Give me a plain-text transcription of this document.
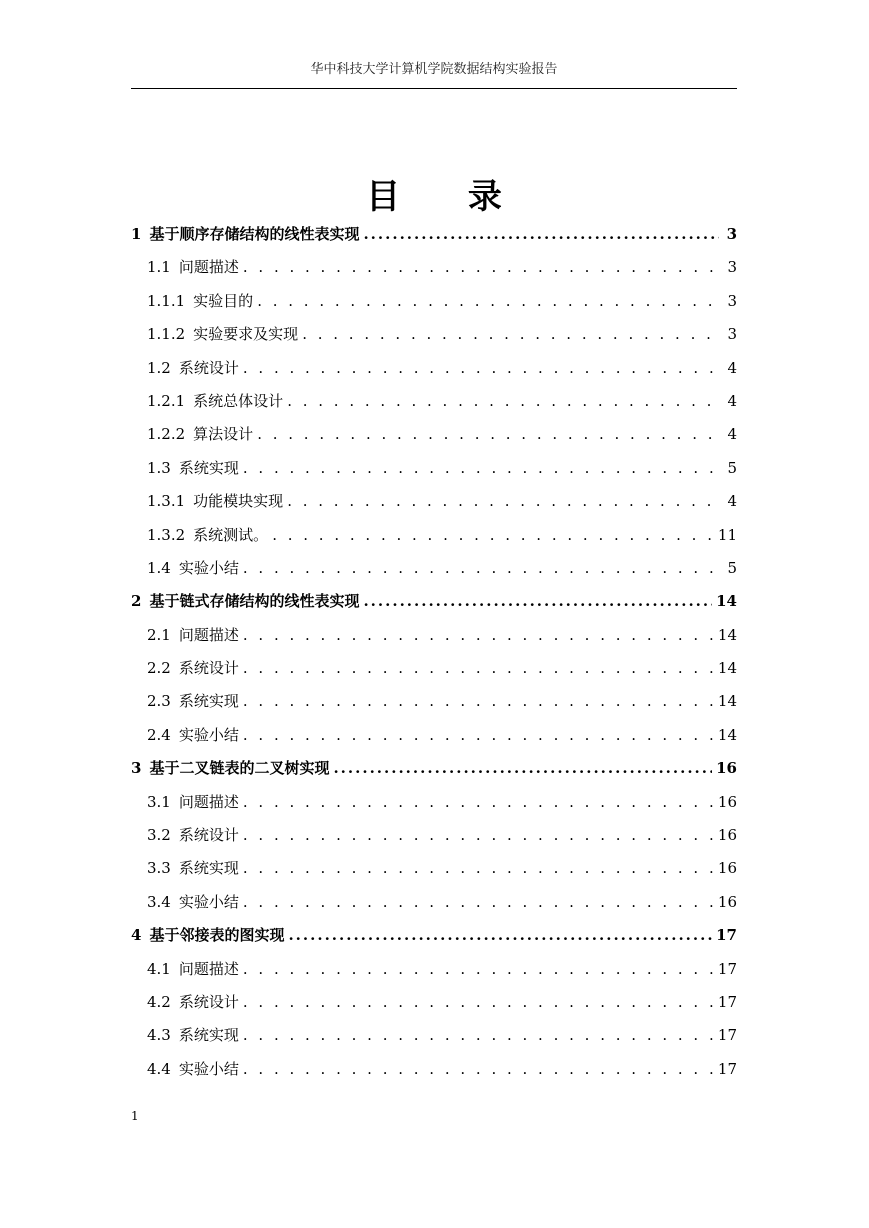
华中科技大学计算机学院数据结构实验报告
目 录
1 基于顺序存储结构的线性表实现 .....	3
1.1 问题描述 . . .	3
1.1.1 实验目的 . . .	3
1.1.2 实验要求及实现 . . .	3
1.2 系统设计 . . .	4
1.2.1 系统总体设计 . . .	4
1.2.2 算法设计 . . .	4
1.3 系统实现 . . .	5
1.3.1 功能模块实现 . . .	4
1.3.2 系统测试。 . . .	11
1.4 实验小结 . . .	5
2 基于链式存储结构的线性表实现 .....	14
2.1 问题描述 . . .	14
2.2 系统设计 . . .	14
2.3 系统实现 . . .	14
2.4 实验小结 . . .	14
3 基于二叉链表的二叉树实现 .....	16
3.1 问题描述 . . .	16
3.2 系统设计 . . .	16
3.3 系统实现 . . .	16
3.4 实验小结 . . .	16
4 基于邻接表的图实现 .....	17
4.1 问题描述 . . .	17
4.2 系统设计 . . .	17
4.3 系统实现 . . .	17
4.4 实验小结 . . .	17
1
